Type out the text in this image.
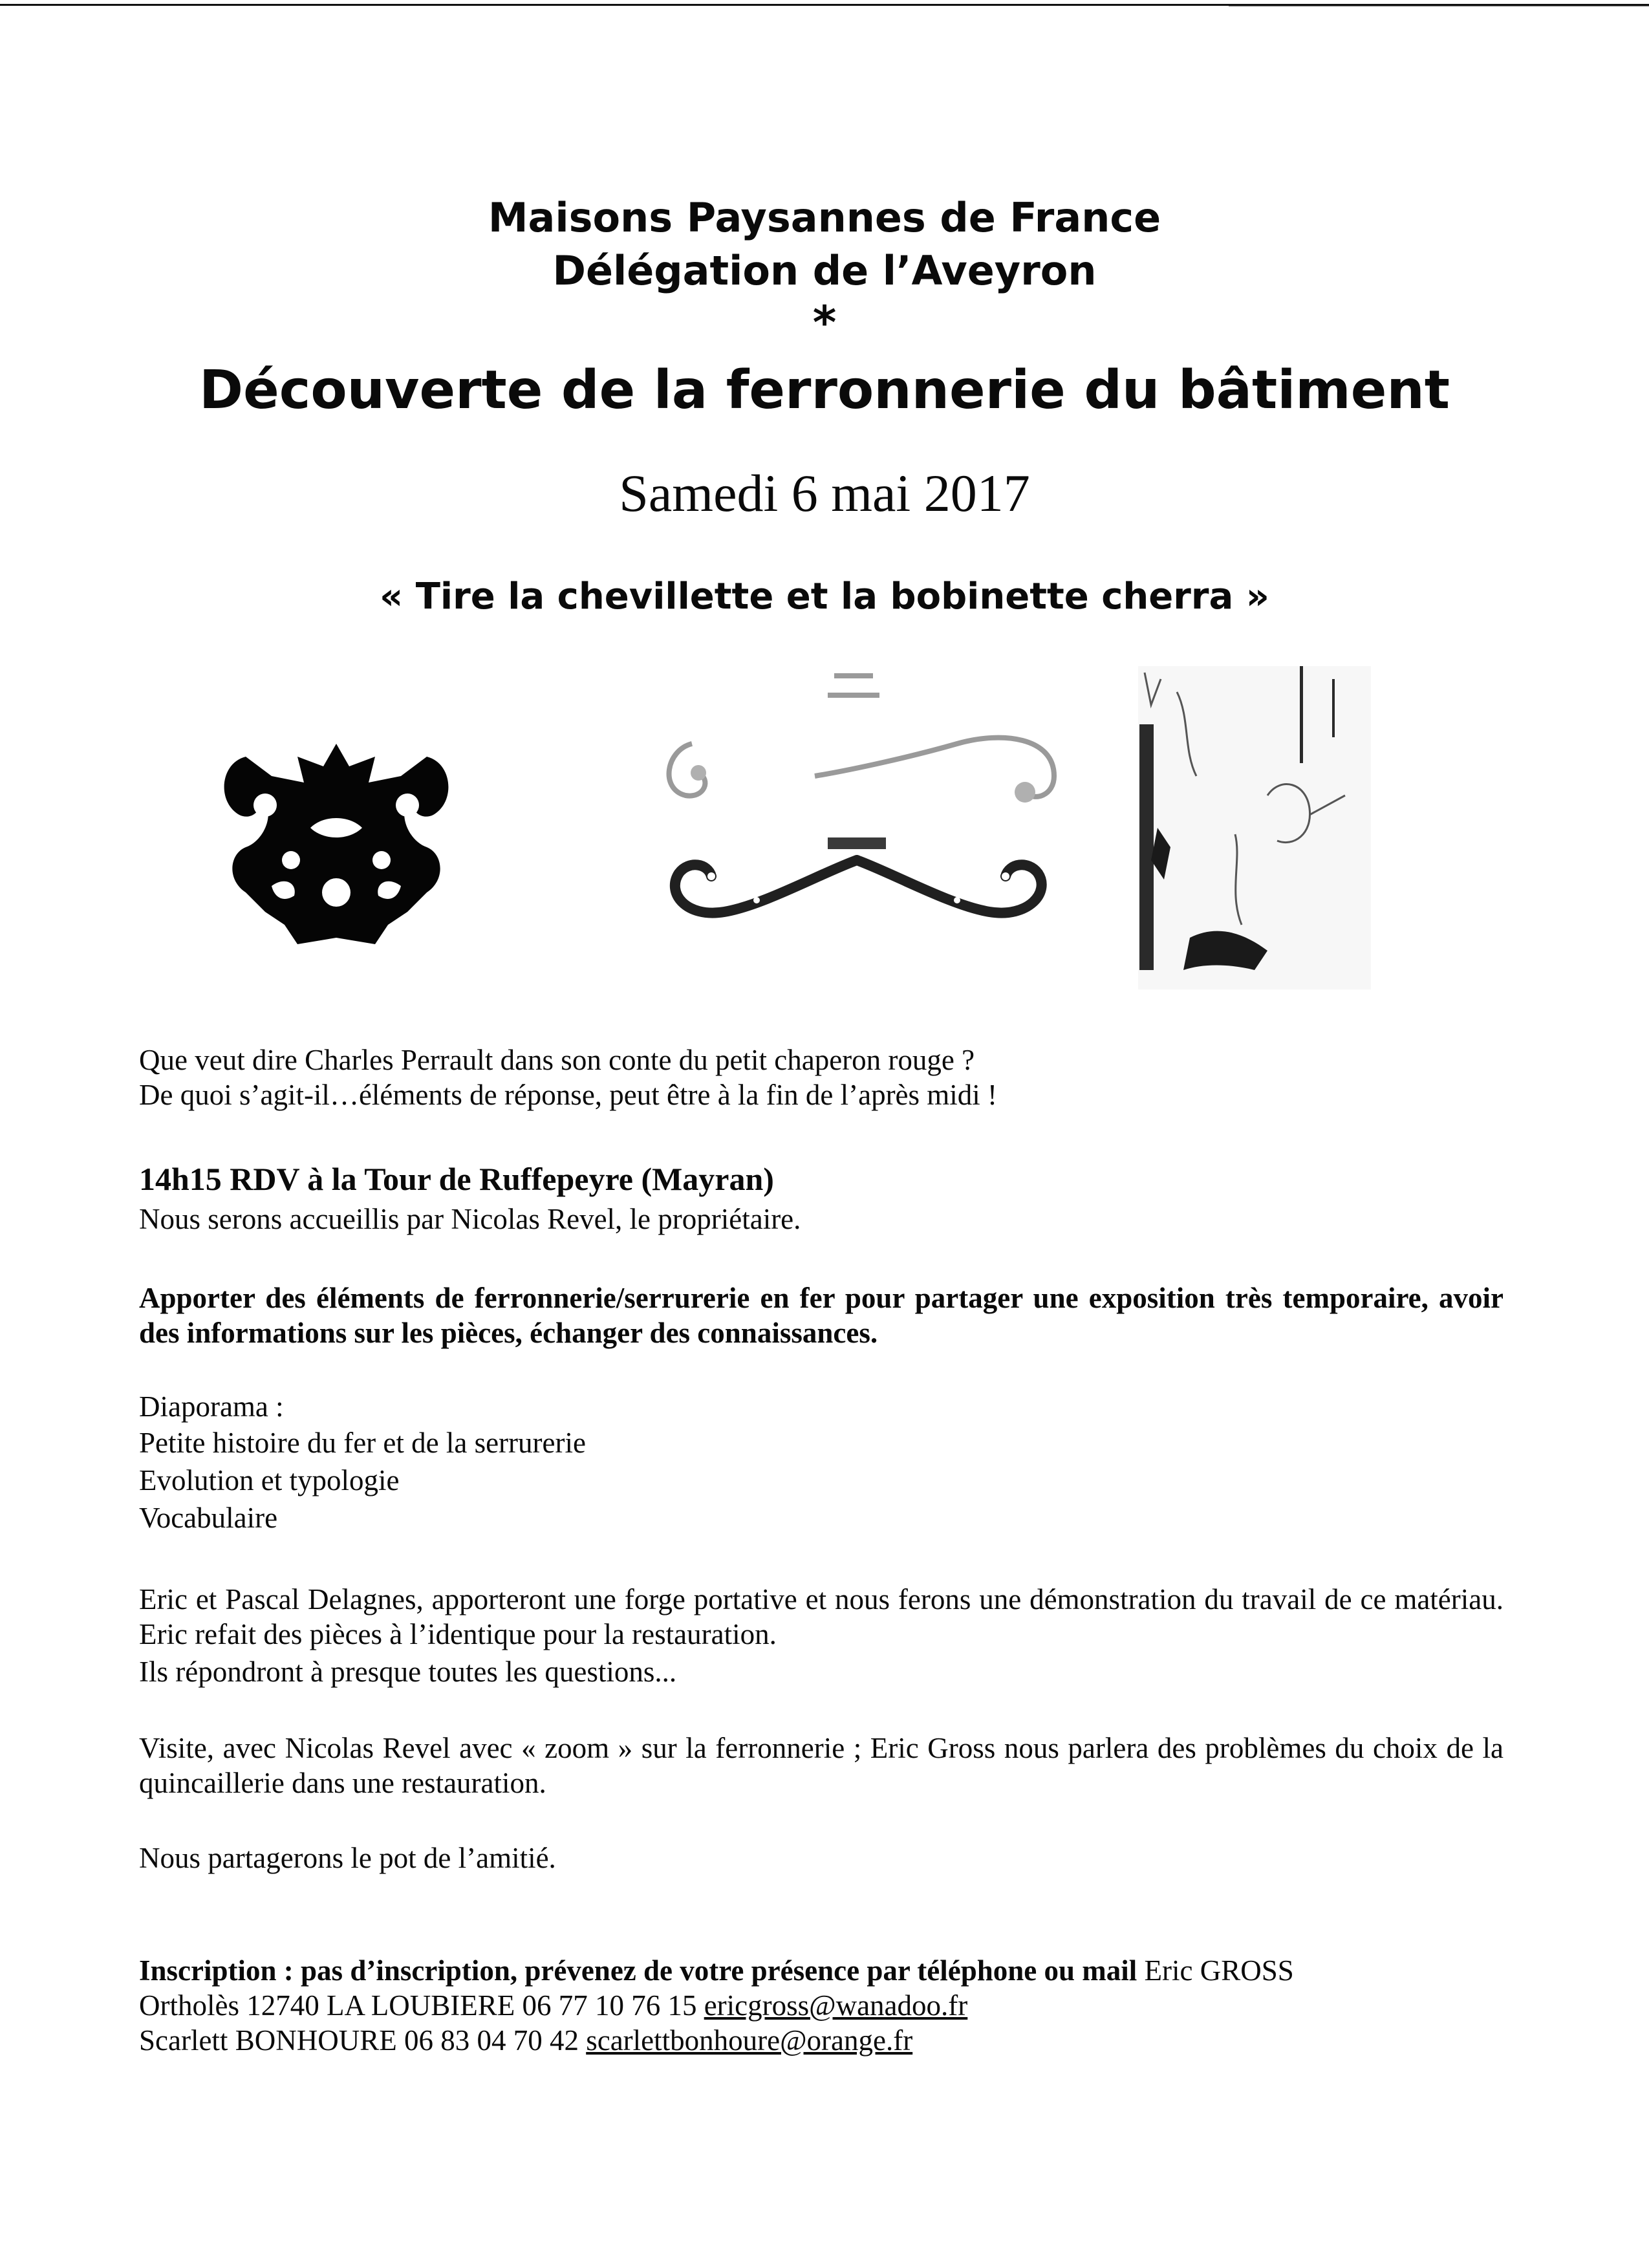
Maisons Paysannes de France
Délégation de l’Aveyron
*
Découverte de la ferronnerie du bâtiment
Samedi 6 mai 2017
« Tire la chevillette et la bobinette cherra »
Que veut dire Charles Perrault dans son conte du petit chaperon rouge ?
De quoi s’agit-il…éléments de réponse, peut être à la fin de l’après midi !
14h15 RDV à la Tour de Ruffepeyre (Mayran)
Nous serons accueillis par Nicolas Revel, le propriétaire.
Apporter des éléments de ferronnerie/serrurerie en fer pour partager une exposition très temporaire, avoir des informations sur les pièces, échanger des connaissances.
Diaporama :
Petite histoire du fer et de la serrurerie
Evolution et typologie
Vocabulaire
Eric et Pascal Delagnes, apporteront une forge portative et nous ferons une démonstration du travail de ce matériau. Eric refait des pièces à l’identique pour la restauration.
Ils répondront à presque toutes les questions...
Visite, avec Nicolas Revel avec « zoom » sur la ferronnerie ; Eric Gross nous parlera des problèmes du choix de la quincaillerie dans une restauration.
Nous partagerons le pot de l’amitié.
Inscription : pas d’inscription, prévenez de votre présence par téléphone ou mail Eric GROSS
Ortholès 12740 LA LOUBIERE 06 77 10 76 15 ericgross@wanadoo.fr
Scarlett BONHOURE 06 83 04 70 42 scarlettbonhoure@orange.fr
